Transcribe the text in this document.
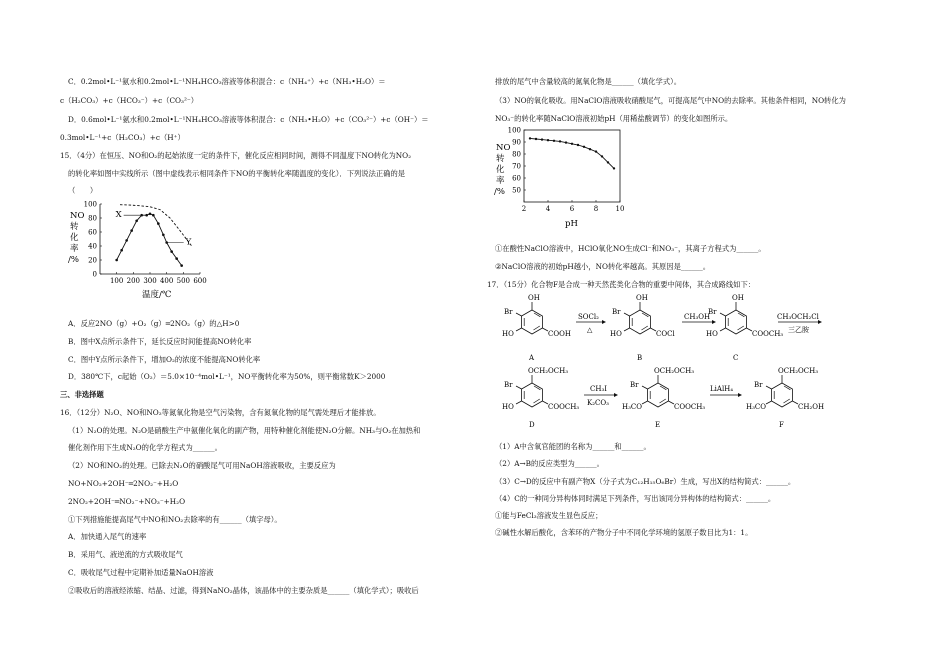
C．0.2mol•L⁻¹氨水和0.2mol•L⁻¹NH₄HCO₃溶液等体积混合：c（NH₄⁺）+c（NH₃•H₂O）＝
c（H₂CO₃）+c（HCO₃⁻）+c（CO₃²⁻）
D．0.6mol•L⁻¹氨水和0.2mol•L⁻¹NH₄HCO₃溶液等体积混合：c（NH₃•H₂O）+c（CO₃²⁻）+c（OH⁻）＝
0.3mol•L⁻¹+c（H₂CO₃）+c（H⁺）
15．（4分）在恒压、NO和O₂的起始浓度一定的条件下，催化反应相同时间，测得不同温度下NO转化为NO₂
的转化率如图中实线所示（图中虚线表示相同条件下NO的平衡转化率随温度的变化）．下列说法正确的是
（　　）
NO
转
化
率
/%
0
20
40
60
80
100
100 200 300 400 500 600
X
Y
温度/℃
A．反应2NO（g）+O₂（g）═2NO₂（g）的△H>0
B．图中X点所示条件下，延长反应时间能提高NO转化率
C．图中Y点所示条件下，增加O₂的浓度不能提高NO转化率
D．380℃下，c起始（O₂）＝5.0×10⁻⁴mol•L⁻¹，NO平衡转化率为50%，则平衡常数K＞2000
三、非选择题
16．（12分）N₂O、NO和NO₂等氮氧化物是空气污染物，含有氮氧化物的尾气需处理后才能排放。
（1）N₂O的处理。N₂O是硝酸生产中氨催化氧化的副产物，用特种催化剂能使N₂O分解。NH₃与O₂在加热和
催化剂作用下生成N₂O的化学方程式为______。
（2）NO和NO₂的处理。已除去N₂O的硝酸尾气可用NaOH溶液吸收，主要反应为
NO+NO₂+2OH⁻═2NO₂⁻+H₂O
2NO₂+2OH⁻═NO₂⁻+NO₃⁻+H₂O
①下列措施能提高尾气中NO和NO₂去除率的有______（填字母）。
A．加快通入尾气的速率
B．采用气、液逆流的方式吸收尾气
C．吸收尾气过程中定期补加适量NaOH溶液
②吸收后的溶液经浓缩、结晶、过滤，得到NaNO₂晶体，该晶体中的主要杂质是______（填化学式）；吸收后
排放的尾气中含量较高的氮氧化物是______（填化学式）。
（3）NO的氧化吸收。用NaClO溶液吸收硝酸尾气，可提高尾气中NO的去除率。其他条件相同，NO转化为
NO₃⁻的转化率随NaClO溶液初始pH（用稀盐酸调节）的变化如图所示。
NO
转
化
率
/% 50
60
70
80
90
100
2	4	6	8 10
pH
①在酸性NaClO溶液中，HClO氧化NO生成Cl⁻和NO₃⁻，其离子方程式为______。
②NaClO溶液的初始pH越小，NO转化率越高。其原因是______。
17．（15分）化合物F是合成一种天然茋类化合物的重要中间体，其合成路线如下：
OH
Br
HO	COOH
A
SOCl₂
△
OH
Br
HO	COCl
B
CH₃OH
OH
Br
HO	COOCH₃
C
CH₃OCH₂Cl
三乙胺
OCH₂OCH₃
Br
HO	COOCH₃
D
CH₃I
K₂CO₃
OCH₂OCH₃
Br
H₃CO	COOCH₃
E
LiAlH₄
OCH₂OCH₃
Br
H₃CO	CH₂OH
F
（1）A中含氧官能团的名称为______和______。
（2）A→B的反应类型为______。
（3）C→D的反应中有副产物X（分子式为C₁₂H₁₅O₆Br）生成，写出X的结构简式：______。
（4）C的一种同分异构体同时满足下列条件，写出该同分异构体的结构简式：______。
①能与FeCl₃溶液发生显色反应；
②碱性水解后酸化，含苯环的产物分子中不同化学环境的氢原子数目比为1：1。
